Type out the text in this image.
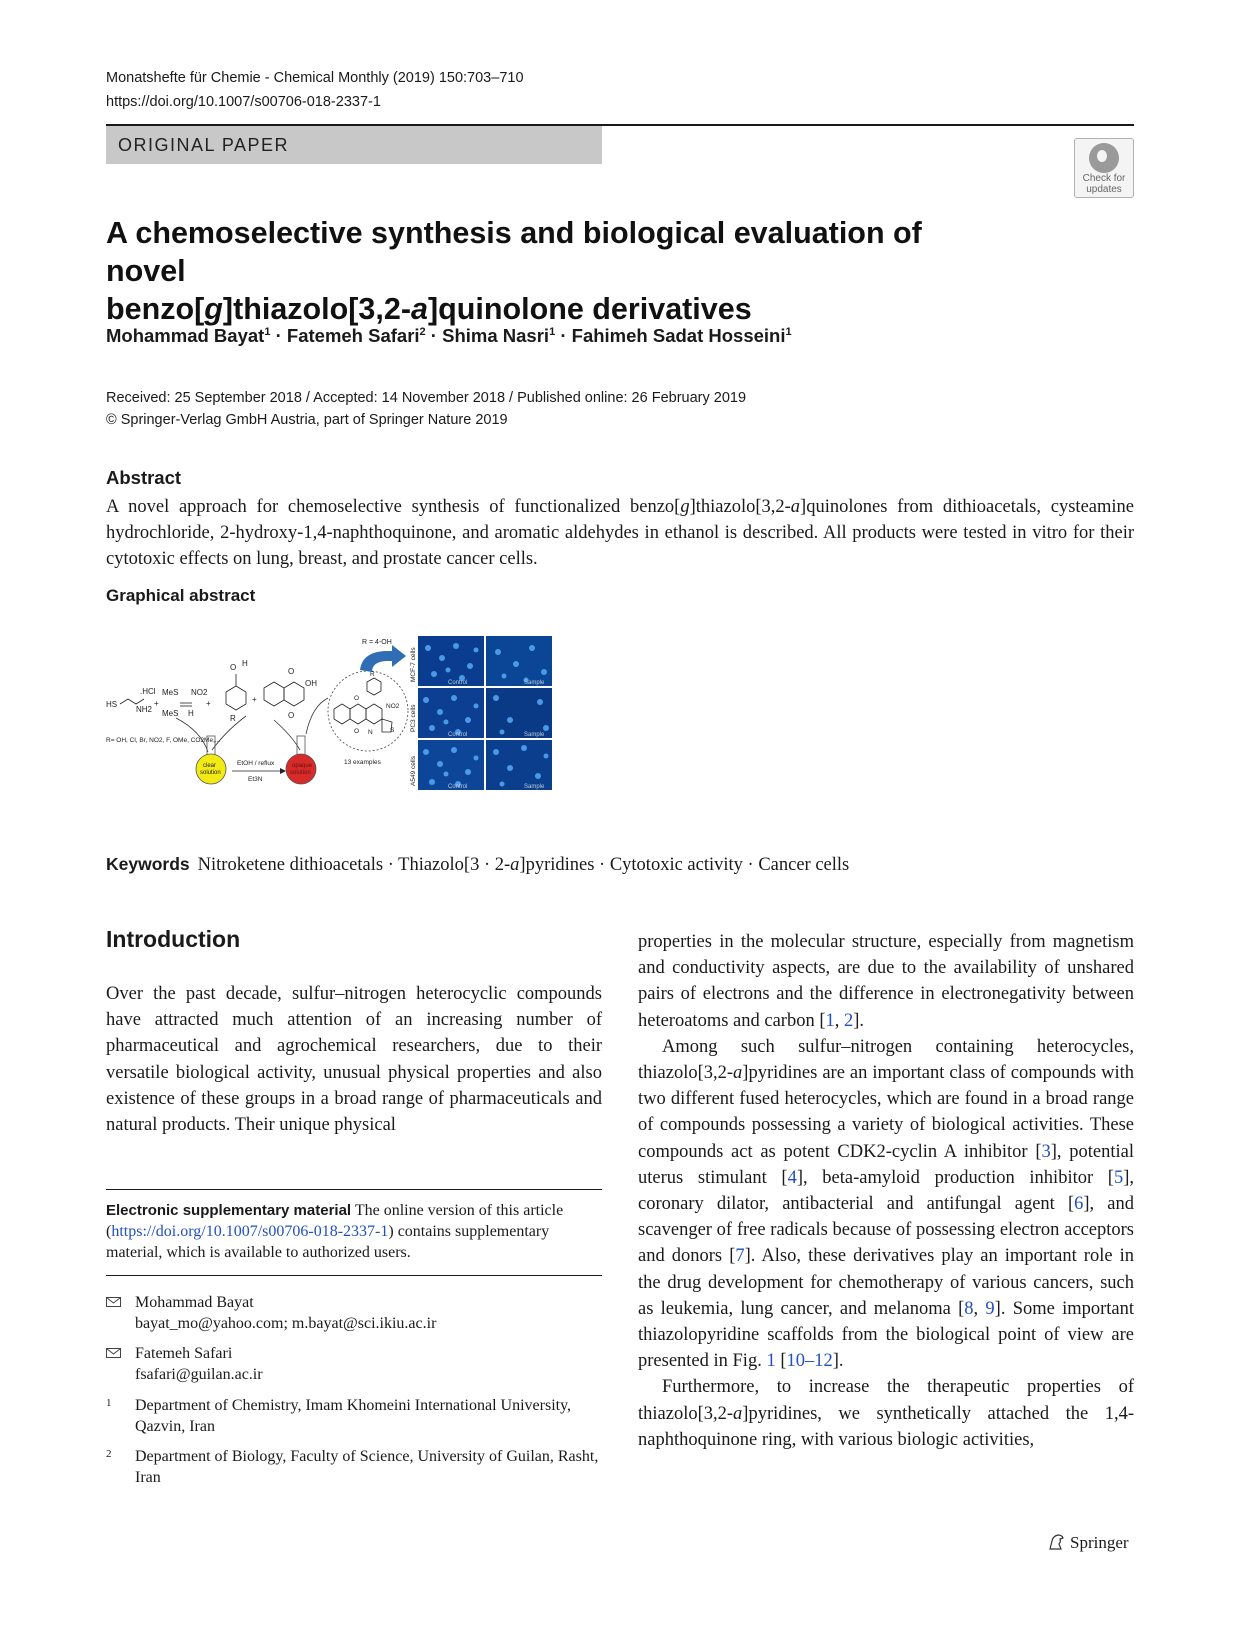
Monatshefte für Chemie - Chemical Monthly (2019) 150:703–710
https://doi.org/10.1007/s00706-018-2337-1
ORIGINAL PAPER
Check for
updates
A chemoselective synthesis and biological evaluation of novel
benzo[g]thiazolo[3,2-a]quinolone derivatives
Mohammad Bayat$^1$ · Fatemeh Safari$^2$ · Shima Nasri$^1$ · Fahimeh Sadat Hosseini$^1$
Received: 25 September 2018 / Accepted: 14 November 2018 / Published online: 26 February 2019
© Springer-Verlag GmbH Austria, part of Springer Nature 2019
Abstract
A novel approach for chemoselective synthesis of functionalized benzo[g]thiazolo[3,2-a]quinolones from dithioacetals, cysteamine hydrochloride, 2-hydroxy-1,4-naphthoquinone, and aromatic aldehydes in ethanol is described. All products were tested in vitro for their cytotoxic effects on lung, breast, and prostate cancer cells.
Graphical abstract
HS
.HCl
NH2
+
MeS
MeS
NO2
H
+
O H
R
+
O
O
OH
R= OH, Cl, Br, NO2, F, OMe, CO2Me,...
clear
solution
EtOH / reflux
Et3N
opaque
solution
R
NO2
S
N
O
O
13 examples
R = 4-OH
Control	Sample
Control	Sample
Control	Sample
MCF-7 cells
PC3 cells
A549 cells
Keywords Nitroketene dithioacetals · Thiazolo[3 · 2-a]pyridines · Cytotoxic activity · Cancer cells
Introduction

Over the past decade, sulfur–nitrogen heterocyclic compounds have attracted much attention of an increasing number of pharmaceutical and agrochemical researchers, due to their versatile biological activity, unusual physical properties and also existence of these groups in a broad range of pharmaceuticals and natural products. Their unique physical

properties in the molecular structure, especially from magnetism and conductivity aspects, are due to the availability of unshared pairs of electrons and the difference in electronegativity between heteroatoms and carbon [1, 2].

Among such sulfur–nitrogen containing heterocycles, thiazolo[3,2-a]pyridines are an important class of compounds with two different fused heterocycles, which are found in a broad range of compounds possessing a variety of biological activities. These compounds act as potent CDK2-cyclin A inhibitor [3], potential uterus stimulant [4], beta-amyloid production inhibitor [5], coronary dilator, antibacterial and antifungal agent [6], and scavenger of free radicals because of possessing electron acceptors and donors [7]. Also, these derivatives play an important role in the drug development for chemotherapy of various cancers, such as leukemia, lung cancer, and melanoma [8, 9]. Some important thiazolopyridine scaffolds from the biological point of view are presented in Fig. 1 [10–12].

Furthermore, to increase the therapeutic properties of thiazolo[3,2-a]pyridines, we synthetically attached the 1,4-naphthoquinone ring, with various biologic activities,

Electronic supplementary material The online version of this article (https://doi.org/10.1007/s00706-018-2337-1) contains supplementary material, which is available to authorized users.
Mohammad Bayat
bayat_mo@yahoo.com; m.bayat@sci.ikiu.ac.ir
Fatemeh Safari
fsafari@guilan.ac.ir
1 Department of Chemistry, Imam Khomeini International University, Qazvin, Iran
2 Department of Biology, Faculty of Science, University of Guilan, Rasht, Iran
Springer
